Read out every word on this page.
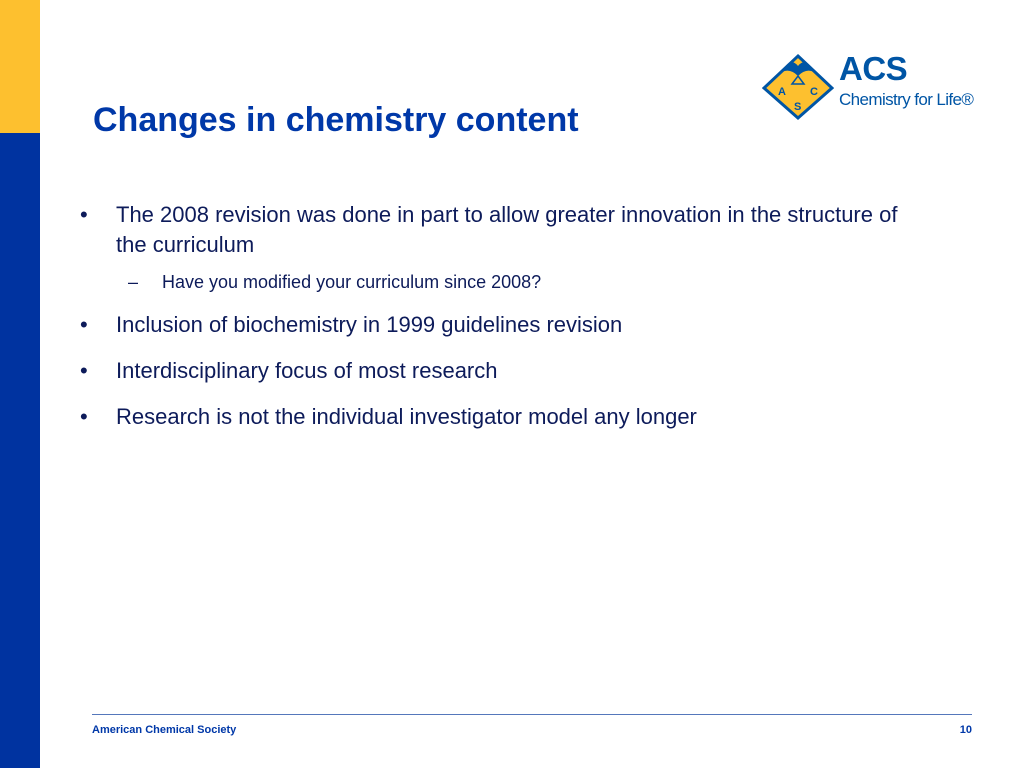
Changes in chemistry content
A C
S
ACS
Chemistry for Life®
• The 2008 revision was done in part to allow greater innovation in the structure of the curriculum
– Have you modified your curriculum since 2008?
• Inclusion of biochemistry in 1999 guidelines revision
• Interdisciplinary focus of most research
• Research is not the individual investigator model any longer
American Chemical Society	10
